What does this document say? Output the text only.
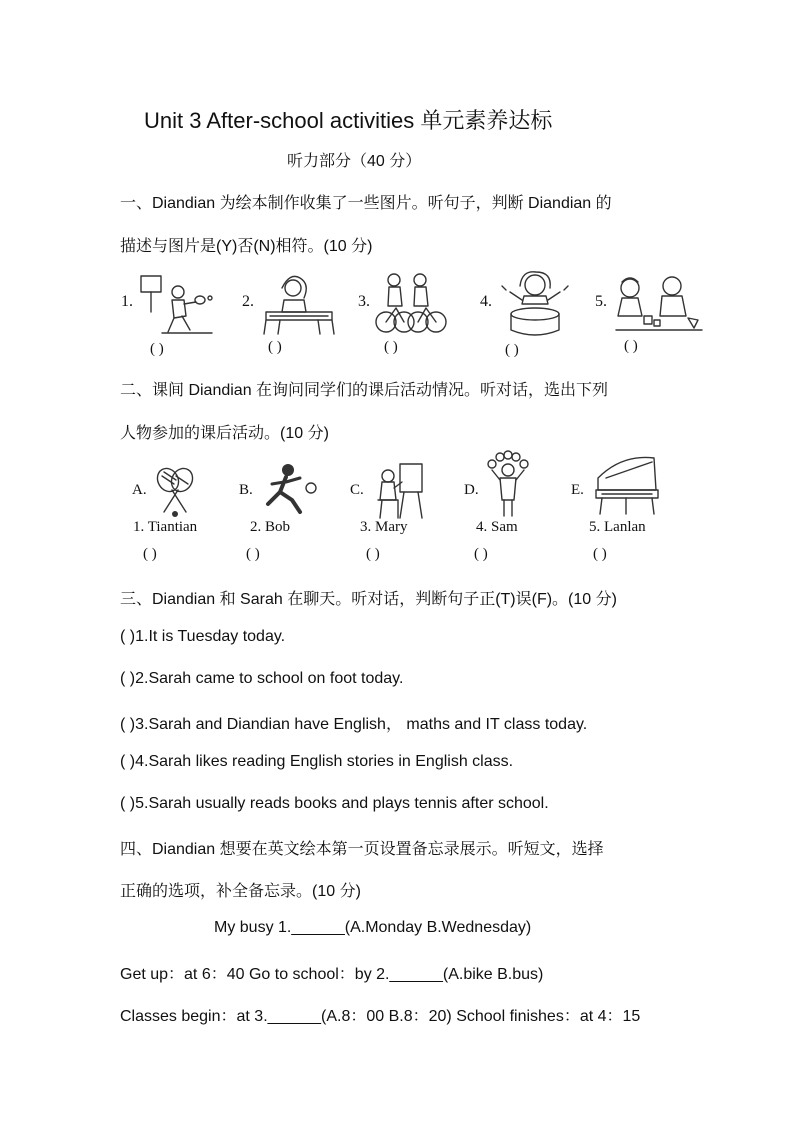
Unit 3 After-school activities 单元素养达标
听力部分（40 分）
一、Diandian 为绘本制作收集了一些图片。听句子，判断 Diandian 的
描述与图片是(Y)否(N)相符。(10 分)
1.	2.	3.	4.	5.
( )	( )	( )	( )	( )
二、课间 Diandian 在询问同学们的课后活动情况。听对话，选出下列
人物参加的课后活动。(10 分)
A.	B.	C.	D.	E.
1. Tiantian	2. Bob	3. Mary	4. Sam	5. Lanlan
( )	( )	( )	( )	( )
三、Diandian 和 Sarah 在聊天。听对话，判断句子正(T)误(F)。(10 分)
( )1.It is Tuesday today.
( )2.Sarah came to school on foot today.
( )3.Sarah and Diandian have English， maths and IT class today.
( )4.Sarah likes reading English stories in English class.
( )5.Sarah usually reads books and plays tennis after school.
四、Diandian 想要在英文绘本第一页设置备忘录展示。听短文，选择
正确的选项，补全备忘录。(10 分)
My busy 1.______(A.Monday B.Wednesday)
Get up：at 6：40 Go to school：by 2.______(A.bike B.bus)
Classes begin：at 3.______(A.8：00 B.8：20) School finishes：at 4：15
